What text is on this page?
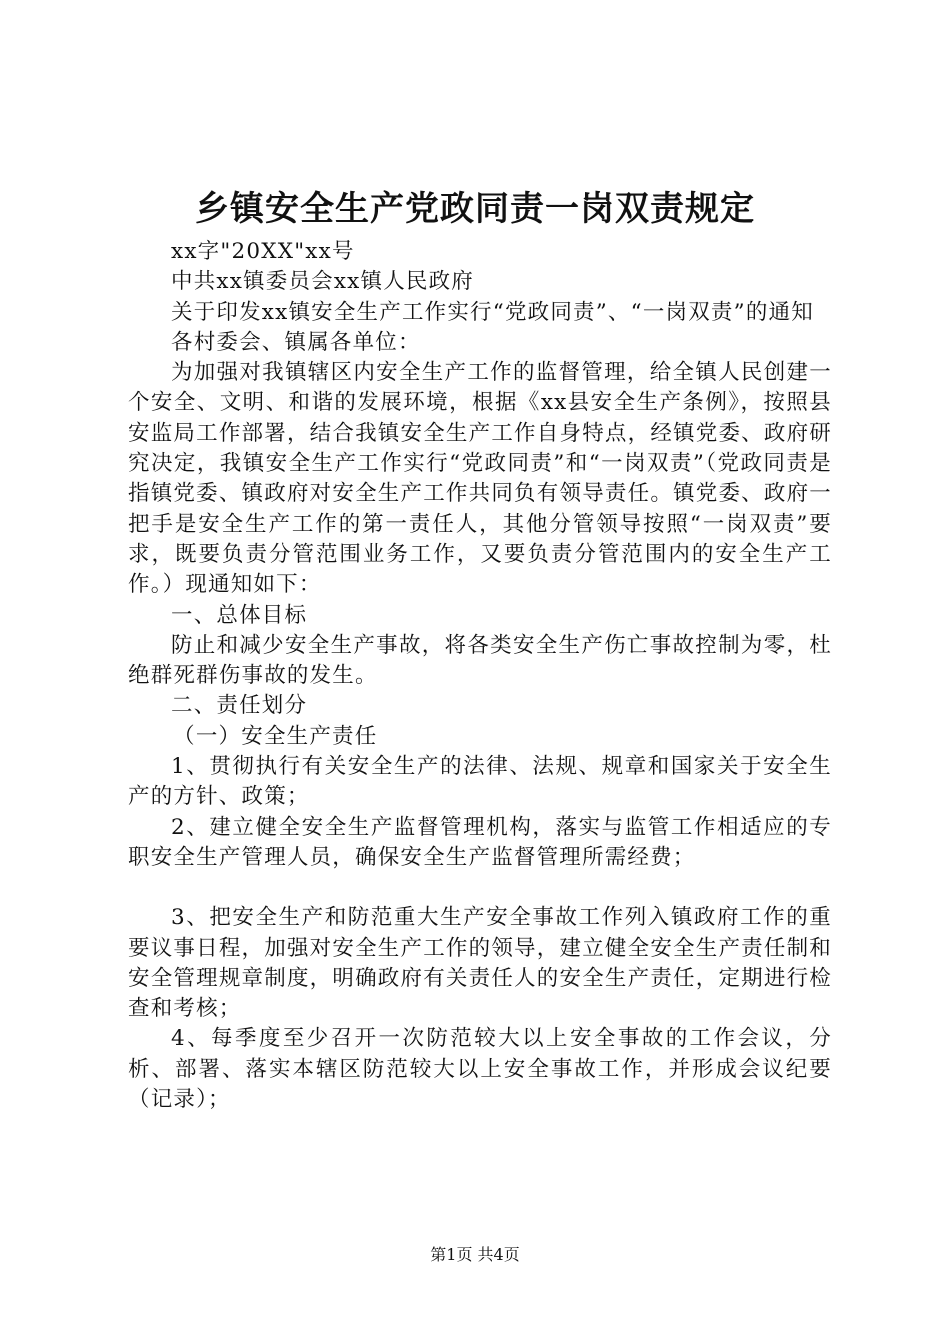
乡镇安全生产党政同责一岗双责规定

xx字"20XX"xx号

中共xx镇委员会xx镇人民政府

关于印发xx镇安全生产工作实行“党政同责”、“一岗双责”的通知

各村委会、镇属各单位：

为加强对我镇辖区内安全生产工作的监督管理，给全镇人民创建一个安全、文明、和谐的发展环境，根据《xx县安全生产条例》，按照县安监局工作部署，结合我镇安全生产工作自身特点，经镇党委、政府研究决定，我镇安全生产工作实行“党政同责”和“一岗双责”（党政同责是指镇党委、镇政府对安全生产工作共同负有领导责任。镇党委、政府一把手是安全生产工作的第一责任人，其他分管领导按照“一岗双责”要求，既要负责分管范围业务工作，又要负责分管范围内的安全生产工作。）现通知如下：

一、总体目标

防止和减少安全生产事故，将各类安全生产伤亡事故控制为零，杜绝群死群伤事故的发生。

二、责任划分

（一）安全生产责任

1、贯彻执行有关安全生产的法律、法规、规章和国家关于安全生产的方针、政策；

2、建立健全安全生产监督管理机构，落实与监管工作相适应的专职安全生产管理人员，确保安全生产监督管理所需经费；

3、把安全生产和防范重大生产安全事故工作列入镇政府工作的重要议事日程，加强对安全生产工作的领导，建立健全安全生产责任制和安全管理规章制度，明确政府有关责任人的安全生产责任，定期进行检查和考核；

4、每季度至少召开一次防范较大以上安全事故的工作会议，分析、部署、落实本辖区防范较大以上安全事故工作，并形成会议纪要（记录）；

第1页 共4页
